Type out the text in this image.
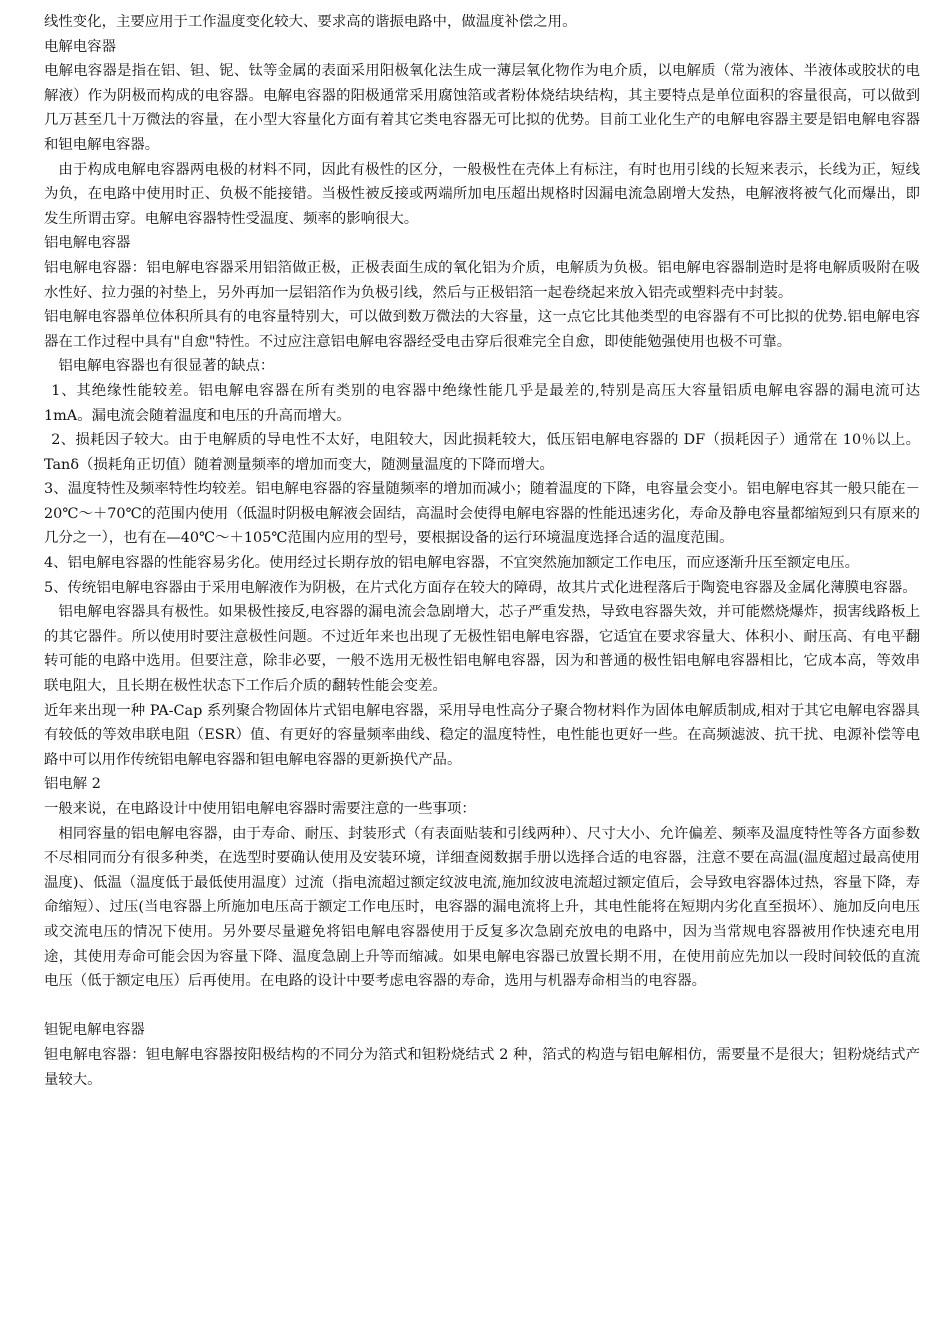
线性变化，主要应用于工作温度变化较大、要求高的谐振电路中，做温度补偿之用。

电解电容器

电解电容器是指在铝、钽、铌、钛等金属的表面采用阳极氧化法生成一薄层氧化物作为电介质，以电解质（常为液体、半液体或胶状的电解液）作为阴极而构成的电容器。电解电容器的阳极通常采用腐蚀箔或者粉体烧结块结构，其主要特点是单位面积的容量很高，可以做到几万甚至几十万微法的容量，在小型大容量化方面有着其它类电容器无可比拟的优势。目前工业化生产的电解电容器主要是铝电解电容器和钽电解电容器。

由于构成电解电容器两电极的材料不同，因此有极性的区分，一般极性在壳体上有标注，有时也用引线的长短来表示，长线为正，短线为负，在电路中使用时正、负极不能接错。当极性被反接或两端所加电压超出规格时因漏电流急剧增大发热，电解液将被气化而爆出，即发生所谓击穿。电解电容器特性受温度、频率的影响很大。

铝电解电容器

铝电解电容器：铝电解电容器采用铝箔做正极，正极表面生成的氧化铝为介质，电解质为负极。铝电解电容器制造时是将电解质吸附在吸水性好、拉力强的衬垫上，另外再加一层铝箔作为负极引线，然后与正极铝箔一起卷绕起来放入铝壳或塑料壳中封装。

铝电解电容器单位体积所具有的电容量特别大，可以做到数万微法的大容量，这一点它比其他类型的电容器有不可比拟的优势.铝电解电容器在工作过程中具有"自愈"特性。不过应注意铝电解电容器经受电击穿后很难完全自愈，即使能勉强使用也极不可靠。

铝电解电容器也有很显著的缺点：

1、其绝缘性能较差。铝电解电容器在所有类别的电容器中绝缘性能几乎是最差的,特别是高压大容量铝质电解电容器的漏电流可达 1mA。漏电流会随着温度和电压的升高而增大。

2、损耗因子较大。由于电解质的导电性不太好，电阻较大，因此损耗较大，低压铝电解电容器的 DF（损耗因子）通常在 10％以上。 Tanδ（损耗角正切值）随着测量频率的增加而变大，随测量温度的下降而增大。

3、温度特性及频率特性均较差。铝电解电容器的容量随频率的增加而减小；随着温度的下降，电容量会变小。铝电解电容其一般只能在－20℃～＋70℃的范围内使用（低温时阴极电解液会固结，高温时会使得电解电容器的性能迅速劣化，寿命及静电容量都缩短到只有原来的几分之一），也有在—40℃～＋105℃范围内应用的型号，要根据设备的运行环境温度选择合适的温度范围。

4、铝电解电容器的性能容易劣化。使用经过长期存放的铝电解电容器，不宜突然施加额定工作电压，而应逐渐升压至额定电压。

5、传统铝电解电容器由于采用电解液作为阴极，在片式化方面存在较大的障碍，故其片式化进程落后于陶瓷电容器及金属化薄膜电容器。

铝电解电容器具有极性。如果极性接反,电容器的漏电流会急剧增大，芯子严重发热，导致电容器失效，并可能燃烧爆炸，损害线路板上的其它器件。所以使用时要注意极性问题。不过近年来也出现了无极性铝电解电容器，它适宜在要求容量大、体积小、耐压高、有电平翻转可能的电路中选用。但要注意，除非必要，一般不选用无极性铝电解电容器，因为和普通的极性铝电解电容器相比，它成本高，等效串联电阻大，且长期在极性状态下工作后介质的翻转性能会变差。

近年来出现一种 PA-Cap 系列聚合物固体片式铝电解电容器，采用导电性高分子聚合物材料作为固体电解质制成,相对于其它电解电容器具有较低的等效串联电阻（ESR）值、有更好的容量频率曲线、稳定的温度特性，电性能也更好一些。在高频滤波、抗干扰、电源补偿等电路中可以用作传统铝电解电容器和钽电解电容器的更新换代产品。

铝电解 2

一般来说，在电路设计中使用铝电解电容器时需要注意的一些事项：

相同容量的铝电解电容器，由于寿命、耐压、封装形式（有表面贴装和引线两种）、尺寸大小、允许偏差、频率及温度特性等各方面参数不尽相同而分有很多种类，在选型时要确认使用及安装环境，详细查阅数据手册以选择合适的电容器，注意不要在高温(温度超过最高使用温度)、低温（温度低于最低使用温度）过流（指电流超过额定纹波电流,施加纹波电流超过额定值后，会导致电容器体过热，容量下降，寿命缩短）、过压(当电容器上所施加电压高于额定工作电压时，电容器的漏电流将上升，其电性能将在短期内劣化直至损坏）、施加反向电压或交流电压的情况下使用。另外要尽量避免将铝电解电容器使用于反复多次急剧充放电的电路中，因为当常规电容器被用作快速充电用途，其使用寿命可能会因为容量下降、温度急剧上升等而缩减。如果电解电容器已放置长期不用，在使用前应先加以一段时间较低的直流电压（低于额定电压）后再使用。在电路的设计中要考虑电容器的寿命，选用与机器寿命相当的电容器。

钽铌电解电容器

钽电解电容器：钽电解电容器按阳极结构的不同分为箔式和钽粉烧结式 2 种，箔式的构造与铝电解相仿，需要量不是很大；钽粉烧结式产量较大。
